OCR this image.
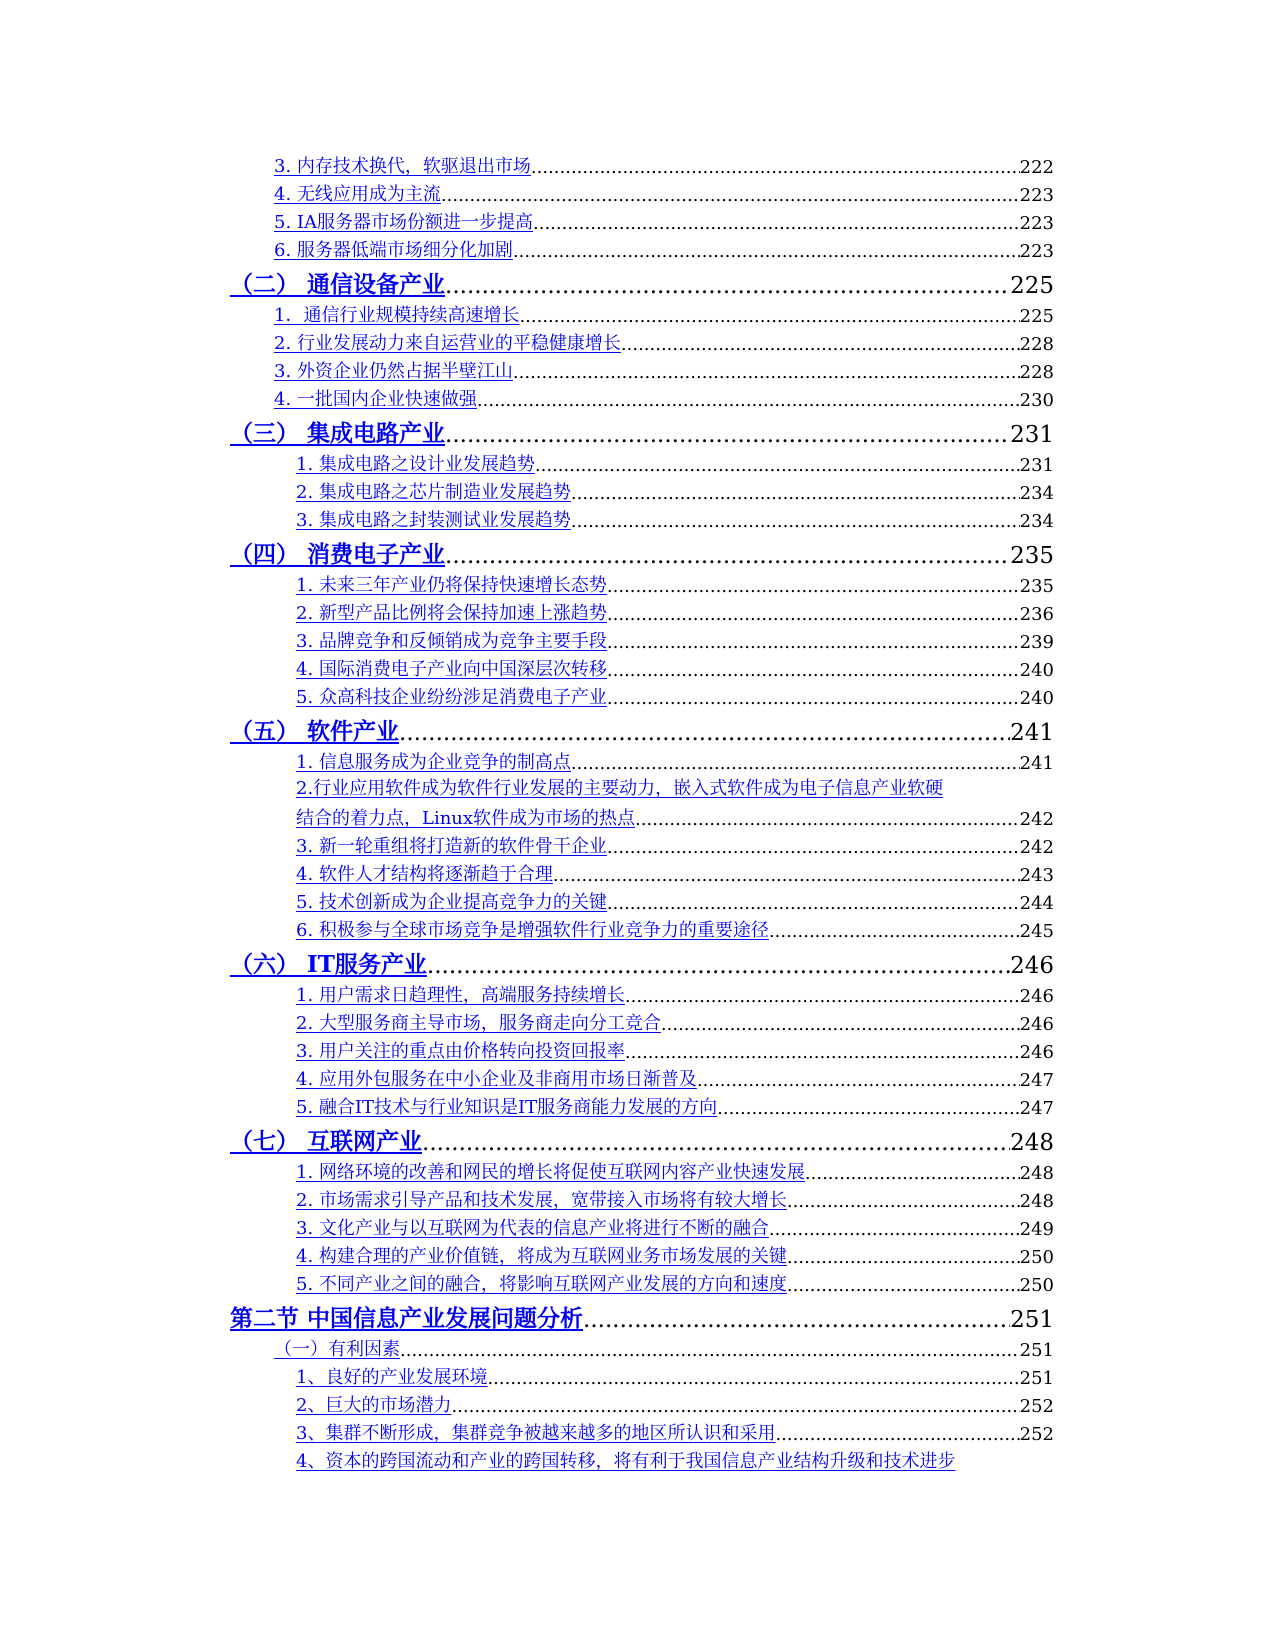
3. 内存技术换代，软驱退出市场 .....	222
4. 无线应用成为主流 .....	223
5. IA服务器市场份额进一步提高 .....	223
6. 服务器低端市场细分化加剧 .....	223
（二） 通信设备产业 .....	225
1．通信行业规模持续高速增长 .....	225
2. 行业发展动力来自运营业的平稳健康增长 .....	228
3. 外资企业仍然占据半壁江山 .....	228
4. 一批国内企业快速做强 .....	230
（三） 集成电路产业 .....	231
1. 集成电路之设计业发展趋势 .....	231
2. 集成电路之芯片制造业发展趋势 .....	234
3. 集成电路之封装测试业发展趋势 .....	234
（四） 消费电子产业 .....	235
1. 未来三年产业仍将保持快速增长态势 .....	235
2. 新型产品比例将会保持加速上涨趋势 .....	236
3. 品牌竞争和反倾销成为竞争主要手段 .....	239
4. 国际消费电子产业向中国深层次转移 .....	240
5. 众高科技企业纷纷涉足消费电子产业 .....	240
（五） 软件产业 .....	241
1. 信息服务成为企业竞争的制高点 .....	241
2.行业应用软件成为软件行业发展的主要动力，嵌入式软件成为电子信息产业软硬
结合的着力点，Linux软件成为市场的热点 .....	242
3. 新一轮重组将打造新的软件骨干企业 .....	242
4. 软件人才结构将逐渐趋于合理 .....	243
5. 技术创新成为企业提高竞争力的关键 .....	244
6. 积极参与全球市场竞争是增强软件行业竞争力的重要途径 .....	245
（六） IT服务产业 .....	246
1. 用户需求日趋理性，高端服务持续增长 .....	246
2. 大型服务商主导市场，服务商走向分工竞合 .....	246
3. 用户关注的重点由价格转向投资回报率 .....	246
4. 应用外包服务在中小企业及非商用市场日渐普及 .....	247
5. 融合IT技术与行业知识是IT服务商能力发展的方向 .....	247
（七） 互联网产业 .....	248
1. 网络环境的改善和网民的增长将促使互联网内容产业快速发展 .....	248
2. 市场需求引导产品和技术发展，宽带接入市场将有较大增长 .....	248
3. 文化产业与以互联网为代表的信息产业将进行不断的融合 .....	249
4. 构建合理的产业价值链，将成为互联网业务市场发展的关键 .....	250
5. 不同产业之间的融合，将影响互联网产业发展的方向和速度 .....	250
第二节 中国信息产业发展问题分析 .....	251
（一）有利因素 .....	251
1、良好的产业发展环境 .....	251
2、巨大的市场潜力 .....	252
3、集群不断形成，集群竞争被越来越多的地区所认识和采用 .....	252
4、资本的跨国流动和产业的跨国转移，将有利于我国信息产业结构升级和技术进步
